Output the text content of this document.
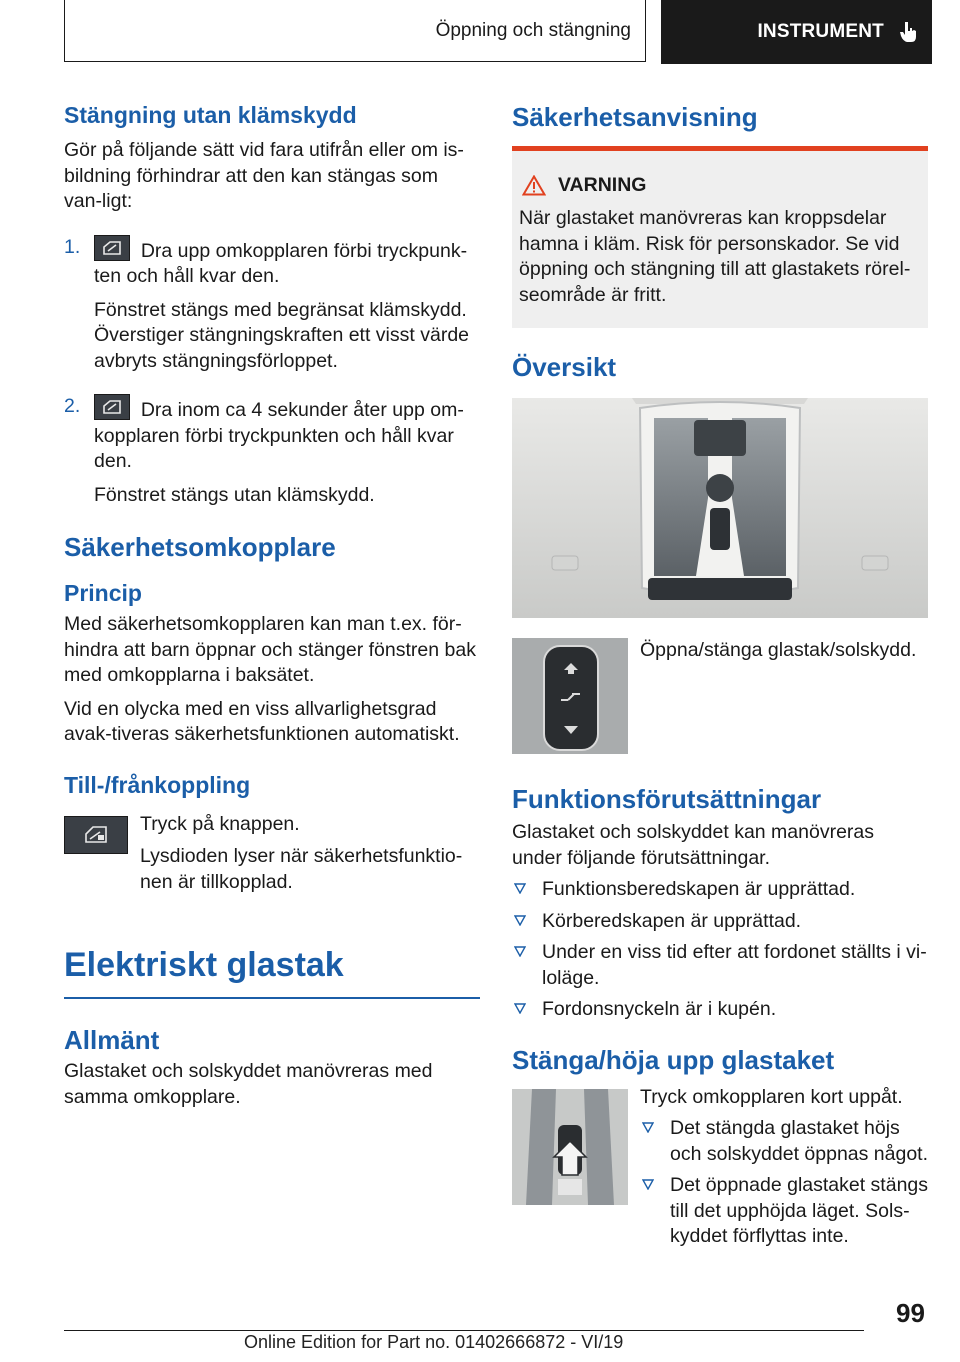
Öppning och stängning	INSTRUMENT
Stängning utan klämskydd

Gör på följande sätt vid fara utifrån eller om is-bildning förhindrar att den kan stängas som van-ligt:

1.	Dra upp omkopplaren förbi tryckpunk-ten och håll kvar den.

Fönstret stängs med begränsat klämskydd. Överstiger stängningskraften ett visst värde avbryts stängningsförloppet.

2.	Dra inom ca 4 sekunder åter upp om-kopplaren förbi tryckpunkten och håll kvar den.

Fönstret stängs utan klämskydd.

Säkerhetsomkopplare
Princip

Med säkerhetsomkopplaren kan man t.ex. för-hindra att barn öppnar och stänger fönstren bak med omkopplarna i baksätet.

Vid en olycka med en viss allvarlighetsgrad avak-tiveras säkerhetsfunktionen automatiskt.

Till-/frånkoppling

Tryck på knappen.

Lysdioden lyser när säkerhetsfunktio-nen är tillkopplad.

Elektriskt glastak
Allmänt

Glastaket och solskyddet manövreras med samma omkopplare.

Säkerhetsanvisning
VARNING

När glastaket manövreras kan kroppsdelar hamna i kläm. Risk för personskador. Se vid öppning och stängning till att glastakets rörel-seområde är fritt.

Översikt

Öppna/stänga glastak/solskydd.

Funktionsförutsättningar

Glastaket och solskyddet kan manövreras under följande förutsättningar.

Funktionsberedskapen är upprättad.

Körberedskapen är upprättad.

Under en viss tid efter att fordonet ställts i vi-loläge.

Fordonsnyckeln är i kupén.

Stänga/höja upp glastaket

Tryck omkopplaren kort uppåt.

Det stängda glastaket höjs och solskyddet öppnas något.

Det öppnade glastaket stängs till det upphöjda läget. Sols-kyddet förflyttas inte.

99
Online Edition for Part no. 01402666872 - VI/19
